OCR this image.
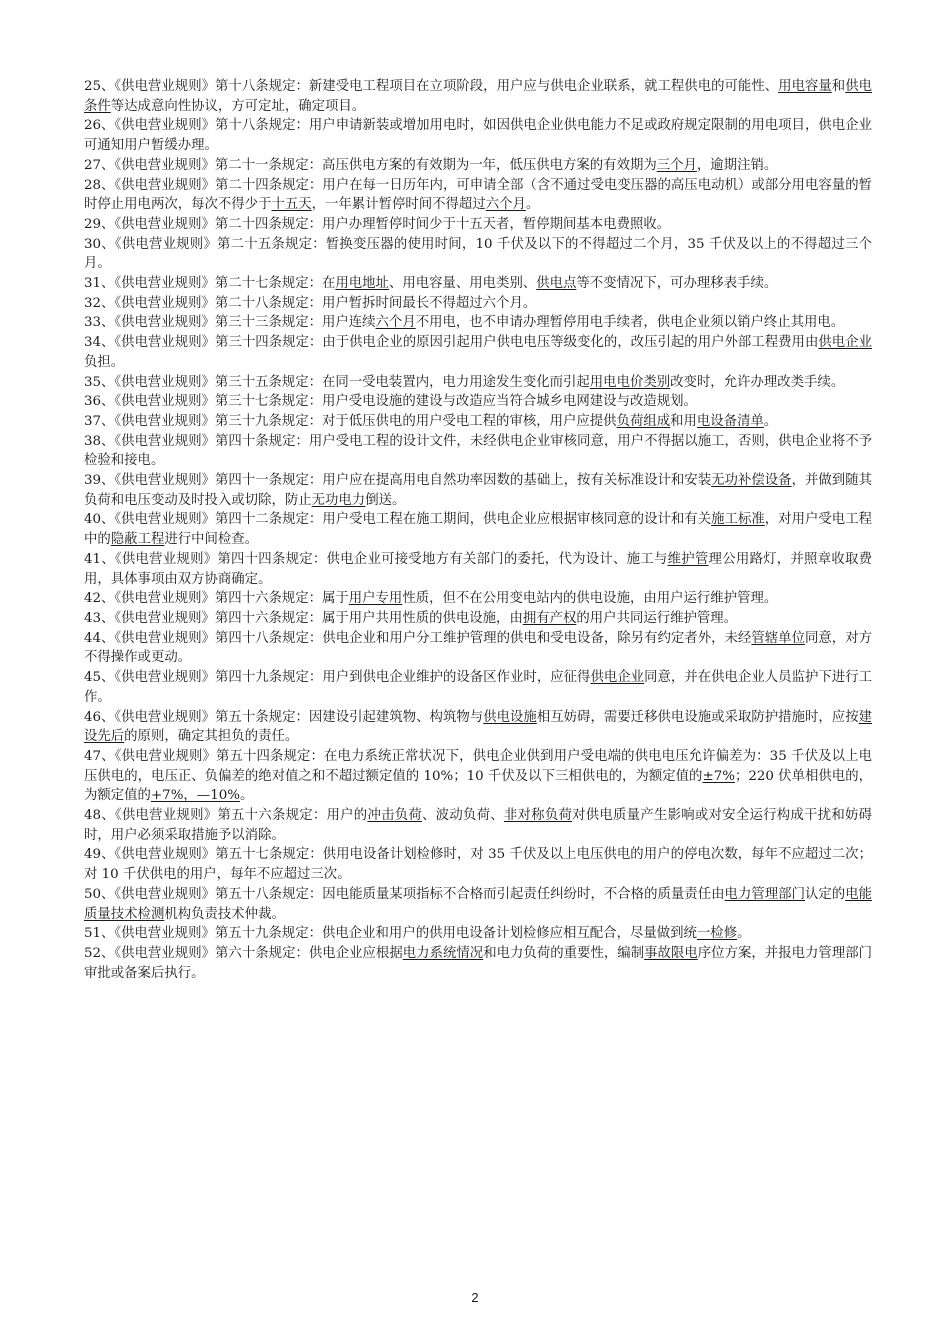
25、《供电营业规则》第十八条规定：新建受电工程项目在立项阶段，用户应与供电企业联系，就工程供电的可能性、用电容量和供电条件等达成意向性协议，方可定址，确定项目。

26、《供电营业规则》第十八条规定：用户申请新装或增加用电时，如因供电企业供电能力不足或政府规定限制的用电项目，供电企业可通知用户暂缓办理。

27、《供电营业规则》第二十一条规定：高压供电方案的有效期为一年，低压供电方案的有效期为三个月，逾期注销。

28、《供电营业规则》第二十四条规定：用户在每一日历年内，可申请全部（含不通过受电变压器的高压电动机）或部分用电容量的暂时停止用电两次，每次不得少于十五天，一年累计暂停时间不得超过六个月。

29、《供电营业规则》第二十四条规定：用户办理暂停时间少于十五天者，暂停期间基本电费照收。

30、《供电营业规则》第二十五条规定：暂换变压器的使用时间，10 千伏及以下的不得超过二个月，35 千伏及以上的不得超过三个月。

31、《供电营业规则》第二十七条规定：在用电地址、用电容量、用电类别、供电点等不变情况下，可办理移表手续。

32、《供电营业规则》第二十八条规定：用户暂拆时间最长不得超过六个月。

33、《供电营业规则》第三十三条规定：用户连续六个月不用电，也不申请办理暂停用电手续者，供电企业须以销户终止其用电。

34、《供电营业规则》第三十四条规定：由于供电企业的原因引起用户供电电压等级变化的，改压引起的用户外部工程费用由供电企业负担。

35、《供电营业规则》第三十五条规定：在同一受电装置内，电力用途发生变化而引起用电电价类别改变时，允许办理改类手续。

36、《供电营业规则》第三十七条规定：用户受电设施的建设与改造应当符合城乡电网建设与改造规划。

37、《供电营业规则》第三十九条规定：对于低压供电的用户受电工程的审核，用户应提供负荷组成和用电设备清单。

38、《供电营业规则》第四十条规定：用户受电工程的设计文件，未经供电企业审核同意，用户不得据以施工，否则，供电企业将不予检验和接电。

39、《供电营业规则》第四十一条规定：用户应在提高用电自然功率因数的基础上，按有关标准设计和安装无功补偿设备，并做到随其负荷和电压变动及时投入或切除，防止无功电力倒送。

40、《供电营业规则》第四十二条规定：用户受电工程在施工期间，供电企业应根据审核同意的设计和有关施工标准，对用户受电工程中的隐蔽工程进行中间检查。

41、《供电营业规则》第四十四条规定：供电企业可接受地方有关部门的委托，代为设计、施工与维护管理公用路灯，并照章收取费用，具体事项由双方协商确定。

42、《供电营业规则》第四十六条规定：属于用户专用性质，但不在公用变电站内的供电设施，由用户运行维护管理。

43、《供电营业规则》第四十六条规定：属于用户共用性质的供电设施，由拥有产权的用户共同运行维护管理。

44、《供电营业规则》第四十八条规定：供电企业和用户分工维护管理的供电和受电设备，除另有约定者外，未经管辖单位同意，对方不得操作或更动。

45、《供电营业规则》第四十九条规定：用户到供电企业维护的设备区作业时，应征得供电企业同意，并在供电企业人员监护下进行工作。

46、《供电营业规则》第五十条规定：因建设引起建筑物、构筑物与供电设施相互妨碍，需要迁移供电设施或采取防护措施时，应按建设先后的原则，确定其担负的责任。

47、《供电营业规则》第五十四条规定：在电力系统正常状况下，供电企业供到用户受电端的供电电压允许偏差为：35 千伏及以上电压供电的，电压正、负偏差的绝对值之和不超过额定值的 10%；10 千伏及以下三相供电的，为额定值的±7%；220 伏单相供电的，为额定值的+7%，—10%。

48、《供电营业规则》第五十六条规定：用户的冲击负荷、波动负荷、非对称负荷对供电质量产生影响或对安全运行构成干扰和妨碍时，用户必须采取措施予以消除。

49、《供电营业规则》第五十七条规定：供用电设备计划检修时，对 35 千伏及以上电压供电的用户的停电次数，每年不应超过二次；对 10 千伏供电的用户，每年不应超过三次。

50、《供电营业规则》第五十八条规定：因电能质量某项指标不合格而引起责任纠纷时，不合格的质量责任由电力管理部门认定的电能质量技术检测机构负责技术仲裁。

51、《供电营业规则》第五十九条规定：供电企业和用户的供用电设备计划检修应相互配合，尽量做到统一检修。

52、《供电营业规则》第六十条规定：供电企业应根据电力系统情况和电力负荷的重要性，编制事故限电序位方案，并报电力管理部门审批或备案后执行。

2
